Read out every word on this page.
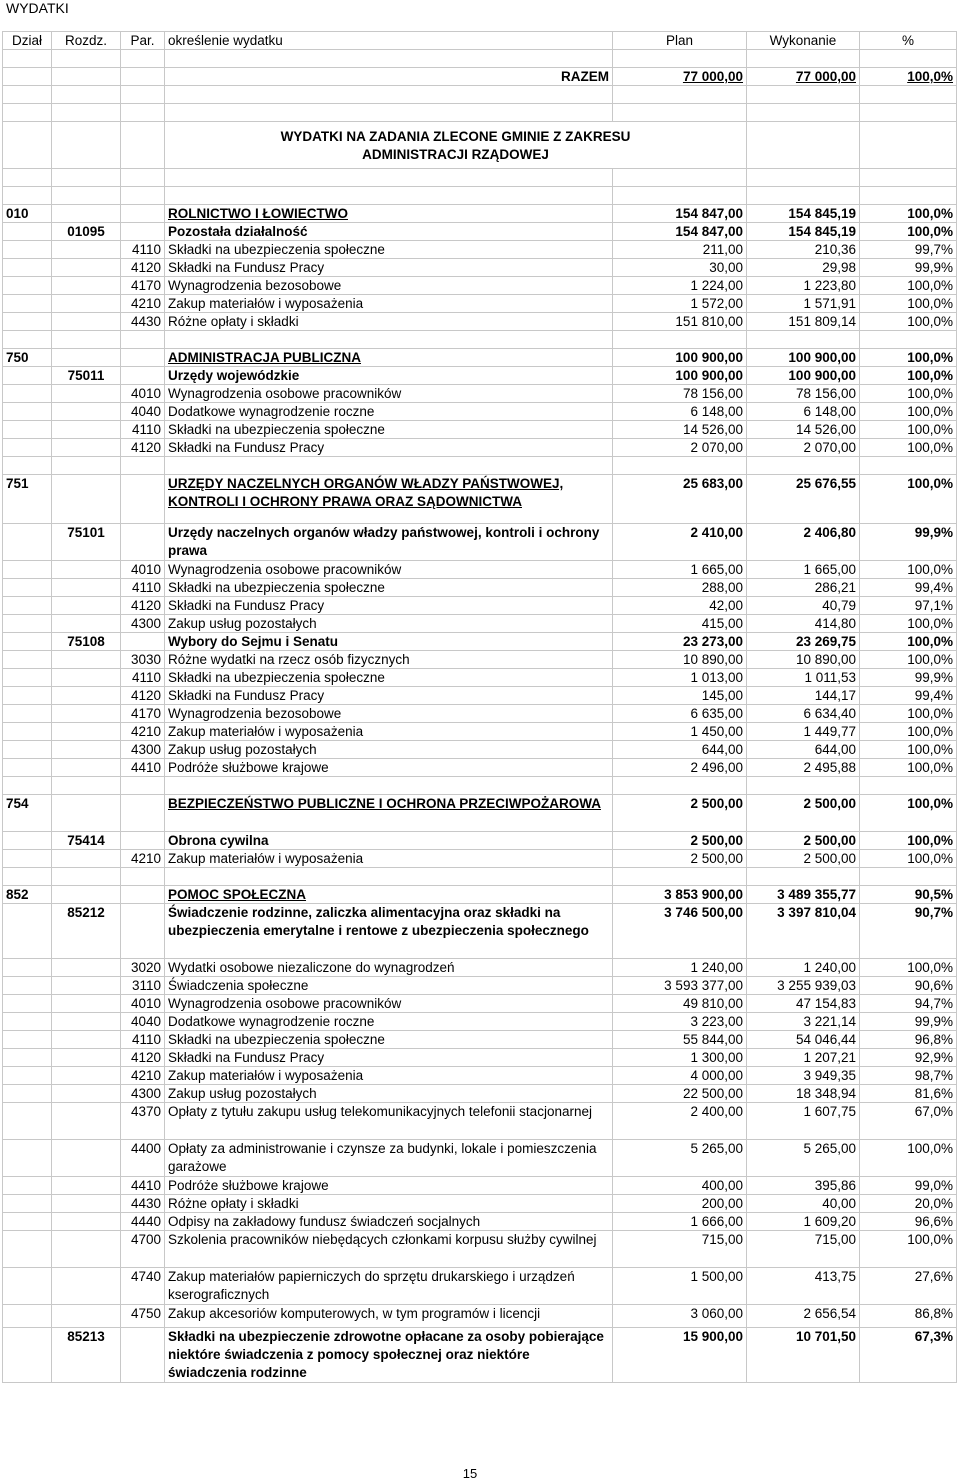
WYDATKI
Dział	Rozdz.	Par.	określenie wydatku	Plan	Wykonanie	%

			RAZEM	77 000,00	77 000,00	100,0%

			WYDATKI NA ZADANIA ZLECONE GMINIE Z ZAKRESU
ADMINISTRACJI RZĄDOWEJ			

010			ROLNICTWO I ŁOWIECTWO	154 847,00	154 845,19	100,0%
	01095		Pozostała działalność	154 847,00	154 845,19	100,0%
		4110	Składki na ubezpieczenia społeczne	211,00	210,36	99,7%
		4120	Składki na Fundusz Pracy	30,00	29,98	99,9%
		4170	Wynagrodzenia bezosobowe	1 224,00	1 223,80	100,0%
		4210	Zakup materiałów i wyposażenia	1 572,00	1 571,91	100,0%
		4430	Różne opłaty i składki	151 810,00	151 809,14	100,0%

750			ADMINISTRACJA PUBLICZNA	100 900,00	100 900,00	100,0%
	75011		Urzędy wojewódzkie	100 900,00	100 900,00	100,0%
		4010	Wynagrodzenia osobowe pracowników	78 156,00	78 156,00	100,0%
		4040	Dodatkowe wynagrodzenie roczne	6 148,00	6 148,00	100,0%
		4110	Składki na ubezpieczenia społeczne	14 526,00	14 526,00	100,0%
		4120	Składki na Fundusz Pracy	2 070,00	2 070,00	100,0%

751			URZĘDY NACZELNYCH ORGANÓW WŁADZY PAŃSTWOWEJ, KONTROLI I OCHRONY PRAWA ORAZ SĄDOWNICTWA	25 683,00	25 676,55	100,0%
	75101		Urzędy naczelnych organów władzy państwowej, kontroli i ochrony prawa	2 410,00	2 406,80	99,9%
		4010	Wynagrodzenia osobowe pracowników	1 665,00	1 665,00	100,0%
		4110	Składki na ubezpieczenia społeczne	288,00	286,21	99,4%
		4120	Składki na Fundusz Pracy	42,00	40,79	97,1%
		4300	Zakup usług pozostałych	415,00	414,80	100,0%
	75108		Wybory do Sejmu i Senatu	23 273,00	23 269,75	100,0%
		3030	Różne wydatki na rzecz osób fizycznych	10 890,00	10 890,00	100,0%
		4110	Składki na ubezpieczenia społeczne	1 013,00	1 011,53	99,9%
		4120	Składki na Fundusz Pracy	145,00	144,17	99,4%
		4170	Wynagrodzenia bezosobowe	6 635,00	6 634,40	100,0%
		4210	Zakup materiałów i wyposażenia	1 450,00	1 449,77	100,0%
		4300	Zakup usług pozostałych	644,00	644,00	100,0%
		4410	Podróże służbowe krajowe	2 496,00	2 495,88	100,0%

754			BEZPIECZEŃSTWO PUBLICZNE I OCHRONA PRZECIWPOŻAROWA	2 500,00	2 500,00	100,0%
	75414		Obrona cywilna	2 500,00	2 500,00	100,0%
		4210	Zakup materiałów i wyposażenia	2 500,00	2 500,00	100,0%

852			POMOC SPOŁECZNA	3 853 900,00	3 489 355,77	90,5%
	85212		Świadczenie rodzinne, zaliczka alimentacyjna oraz składki na ubezpieczenia emerytalne i rentowe z ubezpieczenia społecznego	3 746 500,00	3 397 810,04	90,7%
		3020	Wydatki osobowe niezaliczone do wynagrodzeń	1 240,00	1 240,00	100,0%
		3110	Świadczenia społeczne	3 593 377,00	3 255 939,03	90,6%
		4010	Wynagrodzenia osobowe pracowników	49 810,00	47 154,83	94,7%
		4040	Dodatkowe wynagrodzenie roczne	3 223,00	3 221,14	99,9%
		4110	Składki na ubezpieczenia społeczne	55 844,00	54 046,44	96,8%
		4120	Składki na Fundusz Pracy	1 300,00	1 207,21	92,9%
		4210	Zakup materiałów i wyposażenia	4 000,00	3 949,35	98,7%
		4300	Zakup usług pozostałych	22 500,00	18 348,94	81,6%
		4370	Opłaty z tytułu zakupu usług telekomunikacyjnych telefonii stacjonarnej	2 400,00	1 607,75	67,0%
		4400	Opłaty za administrowanie i czynsze za budynki, lokale i pomieszczenia garażowe	5 265,00	5 265,00	100,0%
		4410	Podróże służbowe krajowe	400,00	395,86	99,0%
		4430	Różne opłaty i składki	200,00	40,00	20,0%
		4440	Odpisy na zakładowy fundusz świadczeń socjalnych	1 666,00	1 609,20	96,6%
		4700	Szkolenia pracowników niebędących członkami korpusu służby cywilnej	715,00	715,00	100,0%
		4740	Zakup materiałów papierniczych do sprzętu drukarskiego i urządzeń kserograficznych	1 500,00	413,75	27,6%
		4750	Zakup akcesoriów komputerowych, w tym programów i licencji	3 060,00	2 656,54	86,8%
	85213		Składki na ubezpieczenie zdrowotne opłacane za osoby pobierające niektóre świadczenia z pomocy społecznej oraz niektóre świadczenia rodzinne	15 900,00	10 701,50	67,3%
15
